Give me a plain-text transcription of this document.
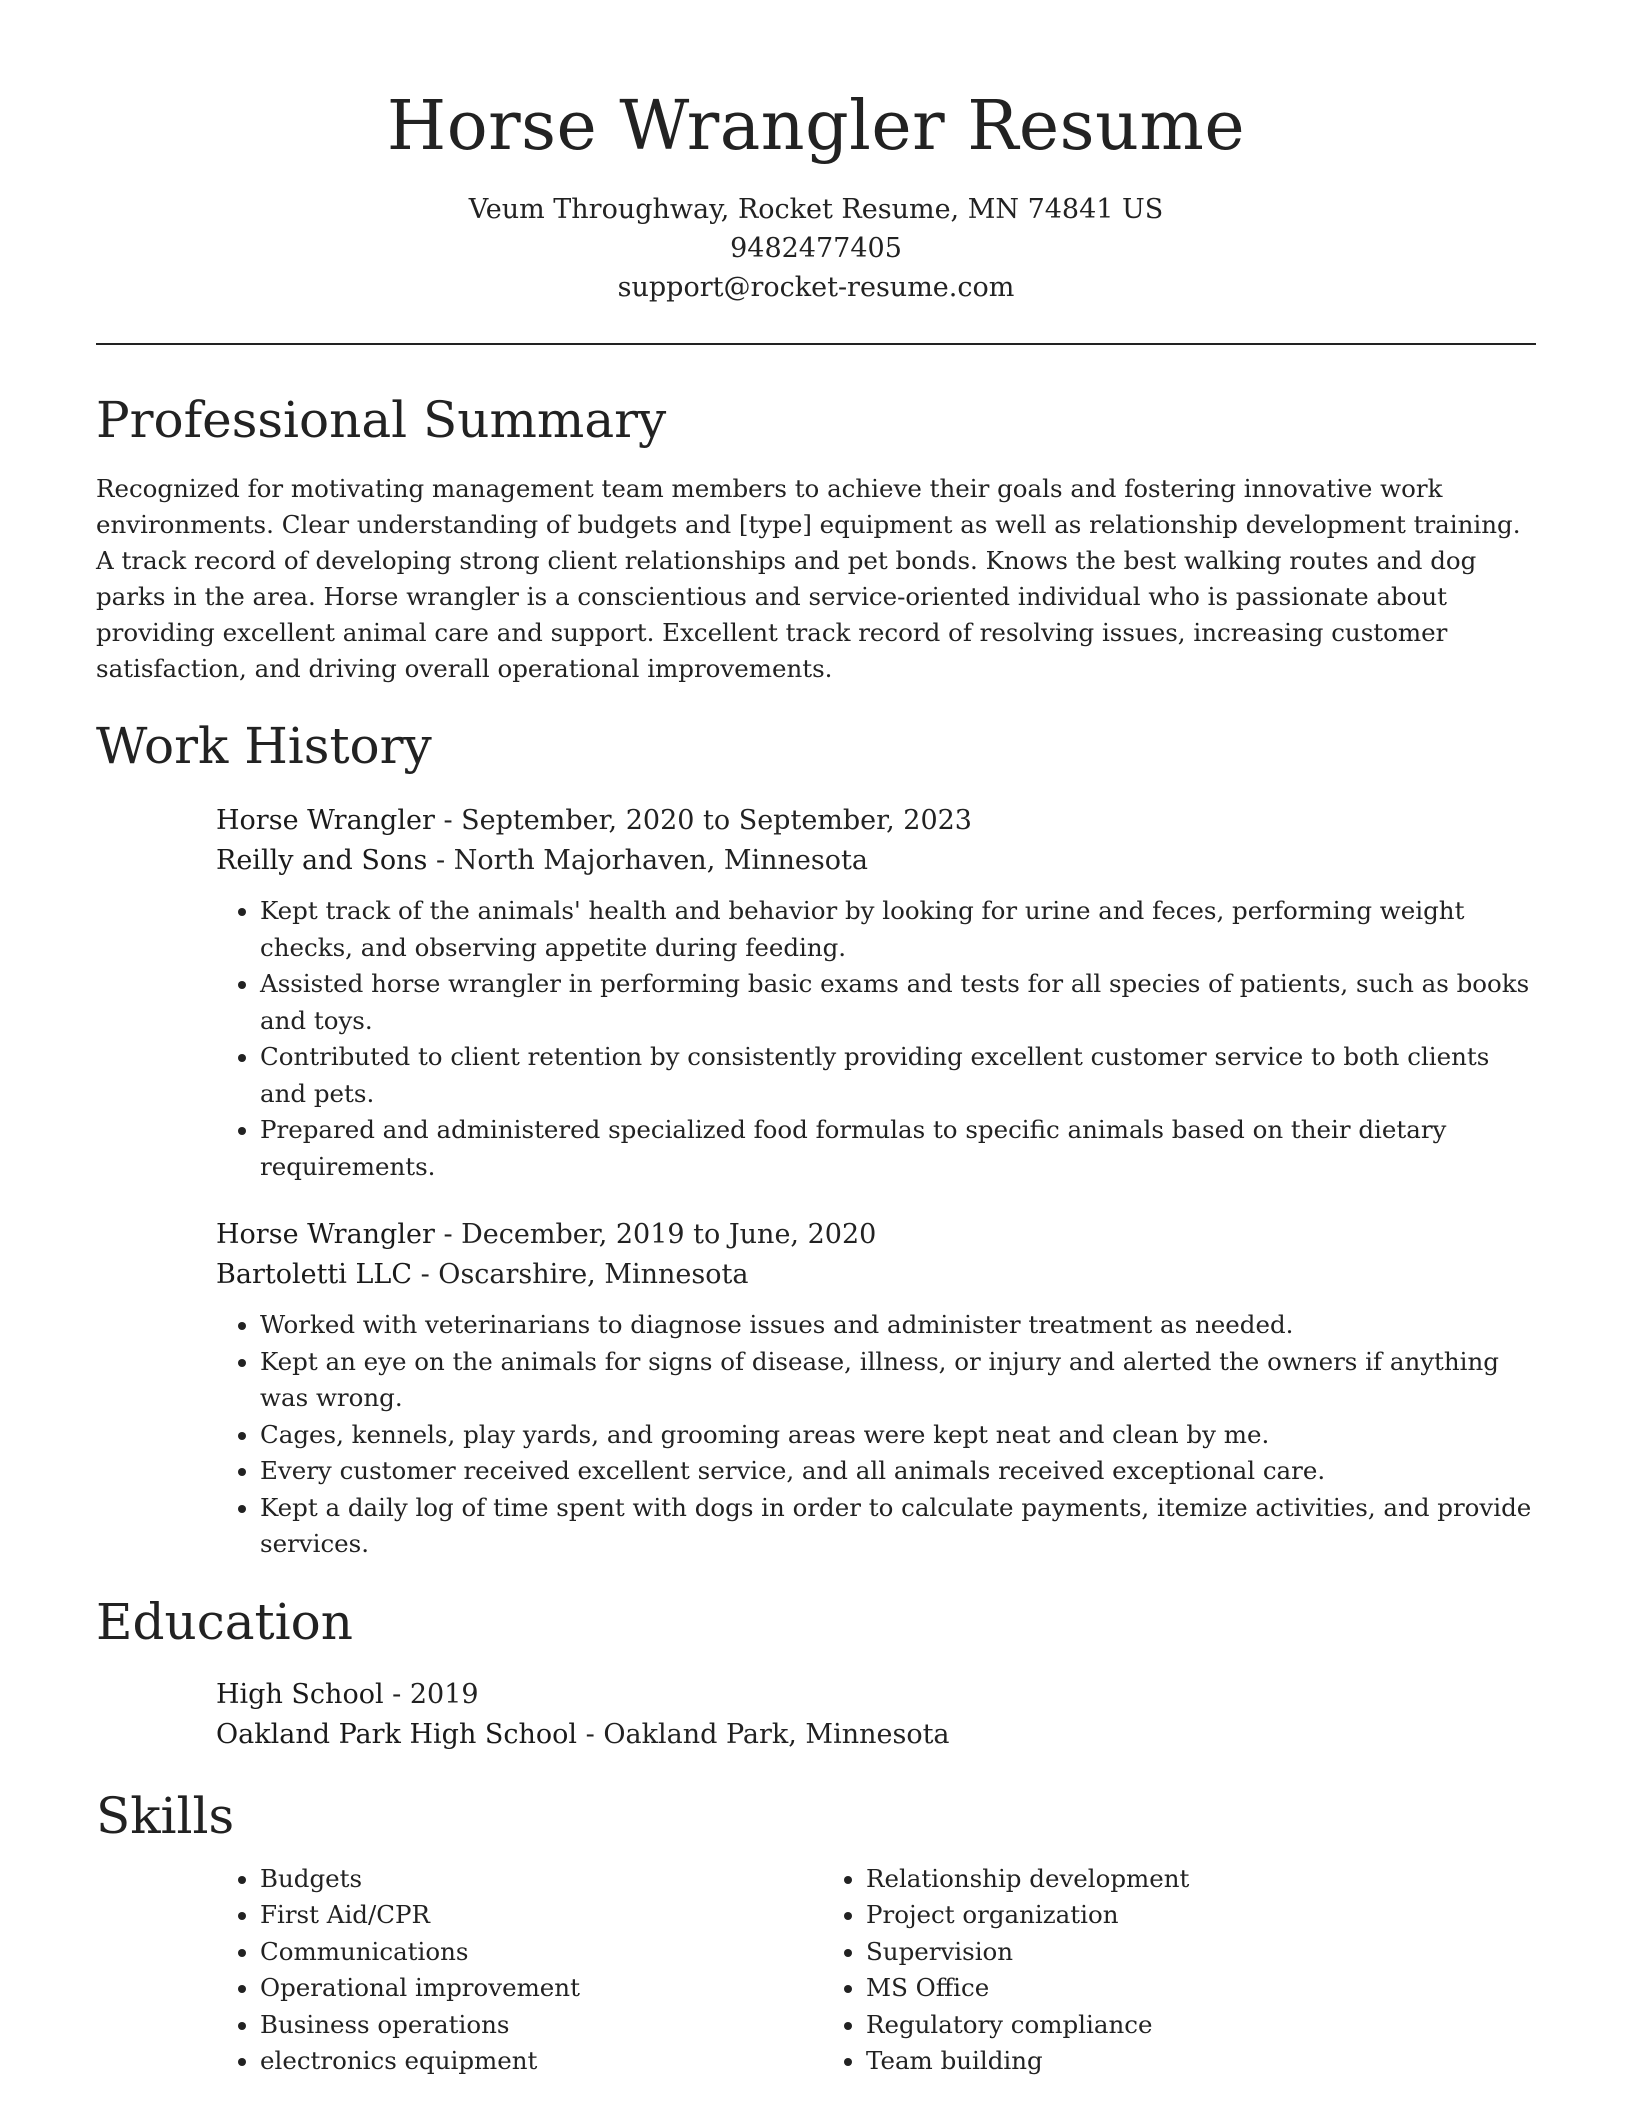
Horse Wrangler Resume

Veum Throughway, Rocket Resume, MN 74841 US

9482477405

support@rocket-resume.com

Professional Summary

Recognized for motivating management team members to achieve their goals and fostering innovative work environments. Clear understanding of budgets and [type] equipment as well as relationship development training. A track record of developing strong client relationships and pet bonds. Knows the best walking routes and dog parks in the area. Horse wrangler is a conscientious and service-oriented individual who is passionate about providing excellent animal care and support. Excellent track record of resolving issues, increasing customer satisfaction, and driving overall operational improvements.

Work History

Horse Wrangler - September, 2020 to September, 2023

Reilly and Sons - North Majorhaven, Minnesota

• Kept track of the animals' health and behavior by looking for urine and feces, performing weight checks, and observing appetite during feeding.
• Assisted horse wrangler in performing basic exams and tests for all species of patients, such as books and toys.
• Contributed to client retention by consistently providing excellent customer service to both clients and pets.
• Prepared and administered specialized food formulas to specific animals based on their dietary requirements.

Horse Wrangler - December, 2019 to June, 2020

Bartoletti LLC - Oscarshire, Minnesota

• Worked with veterinarians to diagnose issues and administer treatment as needed.
• Kept an eye on the animals for signs of disease, illness, or injury and alerted the owners if anything was wrong.
• Cages, kennels, play yards, and grooming areas were kept neat and clean by me.
• Every customer received excellent service, and all animals received exceptional care.
• Kept a daily log of time spent with dogs in order to calculate payments, itemize activities, and provide services.
Education

High School - 2019

Oakland Park High School - Oakland Park, Minnesota

Skills
• Budgets
• First Aid/CPR
• Communications
• Operational improvement
• Business operations
• electronics equipment
• Relationship development
• Project organization
• Supervision
• MS Office
• Regulatory compliance
• Team building
